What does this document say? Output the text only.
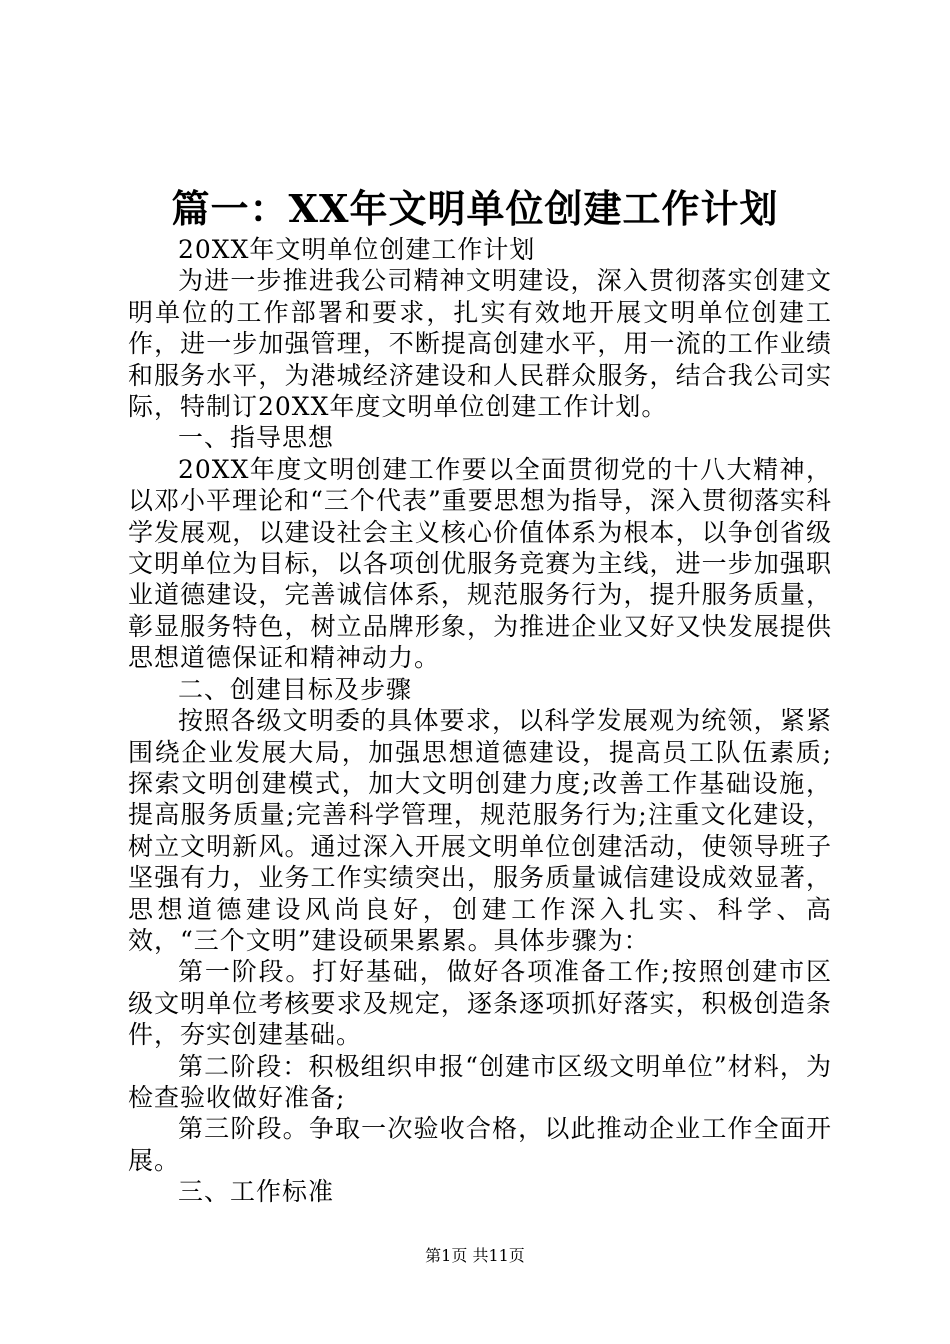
篇一：XX年文明单位创建工作计划

20XX年文明单位创建工作计划

为进一步推进我公司精神文明建设，深入贯彻落实创建文明单位的工作部署和要求，扎实有效地开展文明单位创建工作，进一步加强管理，不断提高创建水平，用一流的工作业绩和服务水平，为港城经济建设和人民群众服务，结合我公司实际，特制订20XX年度文明单位创建工作计划。

一、指导思想

20XX年度文明创建工作要以全面贯彻党的十八大精神，以邓小平理论和“三个代表”重要思想为指导，深入贯彻落实科学发展观，以建设社会主义核心价值体系为根本，以争创省级文明单位为目标，以各项创优服务竞赛为主线，进一步加强职业道德建设，完善诚信体系，规范服务行为，提升服务质量，彰显服务特色，树立品牌形象，为推进企业又好又快发展提供思想道德保证和精神动力。

二、创建目标及步骤

按照各级文明委的具体要求，以科学发展观为统领，紧紧围绕企业发展大局，加强思想道德建设，提高员工队伍素质;探索文明创建模式，加大文明创建力度;改善工作基础设施，提高服务质量;完善科学管理，规范服务行为;注重文化建设，树立文明新风。通过深入开展文明单位创建活动，使领导班子坚强有力，业务工作实绩突出，服务质量诚信建设成效显著，思想道德建设风尚良好，创建工作深入扎实、科学、高效，“三个文明”建设硕果累累。具体步骤为：

第一阶段。打好基础，做好各项准备工作;按照创建市区级文明单位考核要求及规定，逐条逐项抓好落实，积极创造条件，夯实创建基础。

第二阶段：积极组织申报“创建市区级文明单位”材料，为检查验收做好准备;

第三阶段。争取一次验收合格，以此推动企业工作全面开展。

三、工作标准

第1页 共11页
